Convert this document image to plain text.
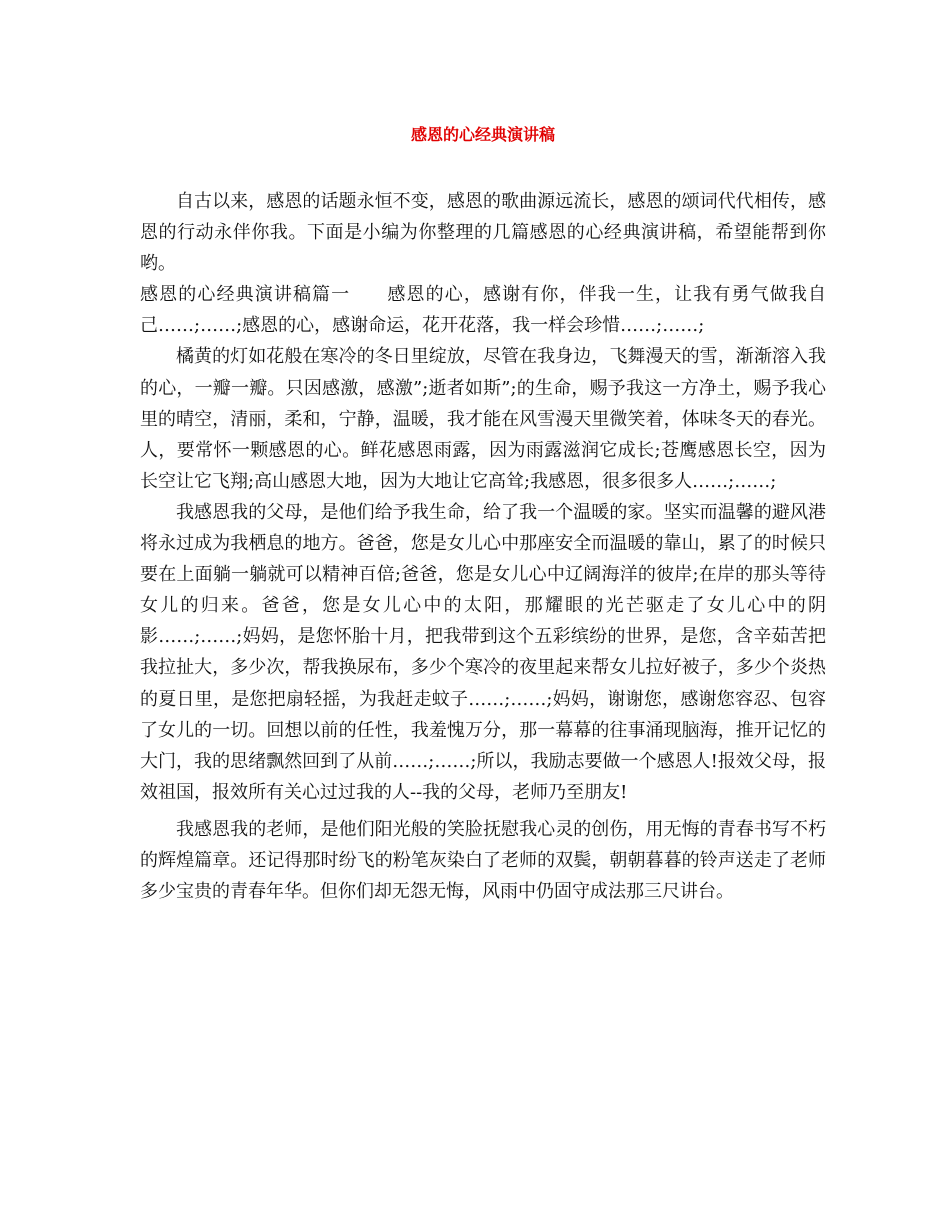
感恩的心经典演讲稿

自古以来，感恩的话题永恒不变，感恩的歌曲源远流长，感恩的颂词代代相传，感恩的行动永伴你我。下面是小编为你整理的几篇感恩的心经典演讲稿，希望能帮到你哟。

感恩的心经典演讲稿篇一 感恩的心，感谢有你，伴我一生，让我有勇气做我自己……;……;感恩的心，感谢命运，花开花落，我一样会珍惜……;……;

橘黄的灯如花般在寒冷的冬日里绽放，尽管在我身边，飞舞漫天的雪，渐渐溶入我的心，一瓣一瓣。只因感激，感激”;逝者如斯”;的生命，赐予我这一方净土，赐予我心里的晴空，清丽，柔和，宁静，温暖，我才能在风雪漫天里微笑着，体味冬天的春光。人，要常怀一颗感恩的心。鲜花感恩雨露，因为雨露滋润它成长;苍鹰感恩长空，因为长空让它飞翔;高山感恩大地，因为大地让它高耸;我感恩，很多很多人……;……;

我感恩我的父母，是他们给予我生命，给了我一个温暖的家。坚实而温馨的避风港将永过成为我栖息的地方。爸爸，您是女儿心中那座安全而温暖的靠山，累了的时候只要在上面躺一躺就可以精神百倍;爸爸，您是女儿心中辽阔海洋的彼岸;在岸的那头等待女儿的归来。爸爸，您是女儿心中的太阳，那耀眼的光芒驱走了女儿心中的阴影……;……;妈妈，是您怀胎十月，把我带到这个五彩缤纷的世界，是您，含辛茹苦把我拉扯大，多少次，帮我换尿布，多少个寒冷的夜里起来帮女儿拉好被子，多少个炎热的夏日里，是您把扇轻摇，为我赶走蚊子……;……;妈妈，谢谢您，感谢您容忍、包容了女儿的一切。回想以前的任性，我羞愧万分，那一幕幕的往事涌现脑海，推开记忆的大门，我的思绪飘然回到了从前……;……;所以，我励志要做一个感恩人!报效父母，报效祖国，报效所有关心过过我的人--我的父母，老师乃至朋友!

我感恩我的老师，是他们阳光般的笑脸抚慰我心灵的创伤，用无悔的青春书写不朽的辉煌篇章。还记得那时纷飞的粉笔灰染白了老师的双鬓，朝朝暮暮的铃声送走了老师多少宝贵的青春年华。但你们却无怨无悔，风雨中仍固守成法那三尺讲台。
